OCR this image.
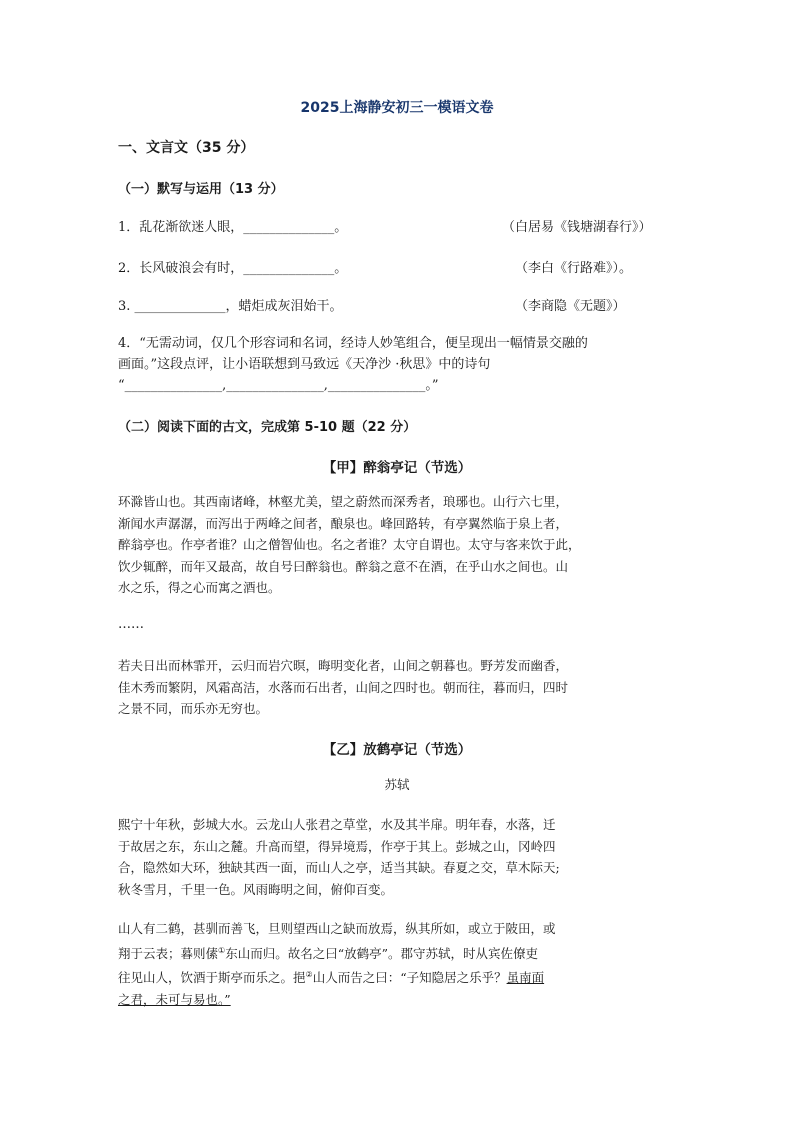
2025上海静安初三一模语文卷
一、文言文（35 分）
（一）默写与运用（13 分）
1．乱花渐欲迷人眼，______________。	（白居易《钱塘湖春行》）
2．长风破浪会有时，______________。	（李白《行路难》）。
3. ______________，蜡炬成灰泪始干。	（李商隐《无题》）
4．“无需动词，仅几个形容词和名词，经诗人妙笔组合，便呈现出一幅情景交融的
画面。”这段点评，让小语联想到马致远《天净沙 ·秋思》中的诗句
“_______________,_______________,_______________。”
（二）阅读下面的古文，完成第 5-10 题（22 分）
【甲】醉翁亭记（节选）
环滁皆山也。其西南诸峰，林壑尤美，望之蔚然而深秀者，琅琊也。山行六七里，
渐闻水声潺潺，而泻出于两峰之间者，酿泉也。峰回路转，有亭翼然临于泉上者，
醉翁亭也。作亭者谁？山之僧智仙也。名之者谁？太守自谓也。太守与客来饮于此，
饮少辄醉，而年又最高，故自号曰醉翁也。醉翁之意不在酒，在乎山水之间也。山
水之乐，得之心而寓之酒也。
……
若夫日出而林霏开，云归而岩穴暝，晦明变化者，山间之朝暮也。野芳发而幽香，
佳木秀而繁阴，风霜高洁，水落而石出者，山间之四时也。朝而往，暮而归，四时
之景不同，而乐亦无穷也。
【乙】放鹤亭记（节选）
苏轼
熙宁十年秋，彭城大水。云龙山人张君之草堂，水及其半扉。明年春，水落，迁
于故居之东，东山之麓。升高而望，得异境焉，作亭于其上。彭城之山，冈岭四
合，隐然如大环，独缺其西一面，而山人之亭，适当其缺。春夏之交，草木际天;
秋冬雪月，千里一色。风雨晦明之间，俯仰百变。
山人有二鹤，甚驯而善飞，旦则望西山之缺而放焉，纵其所如，或立于陂田，或
翔于云表；暮则傃①东山而归。故名之曰“放鹤亭”。郡守苏轼，时从宾佐僚吏
往见山人，饮酒于斯亭而乐之。挹②山人而告之曰：“子知隐居之乐乎？虽南面
之君，未可与易也。”
